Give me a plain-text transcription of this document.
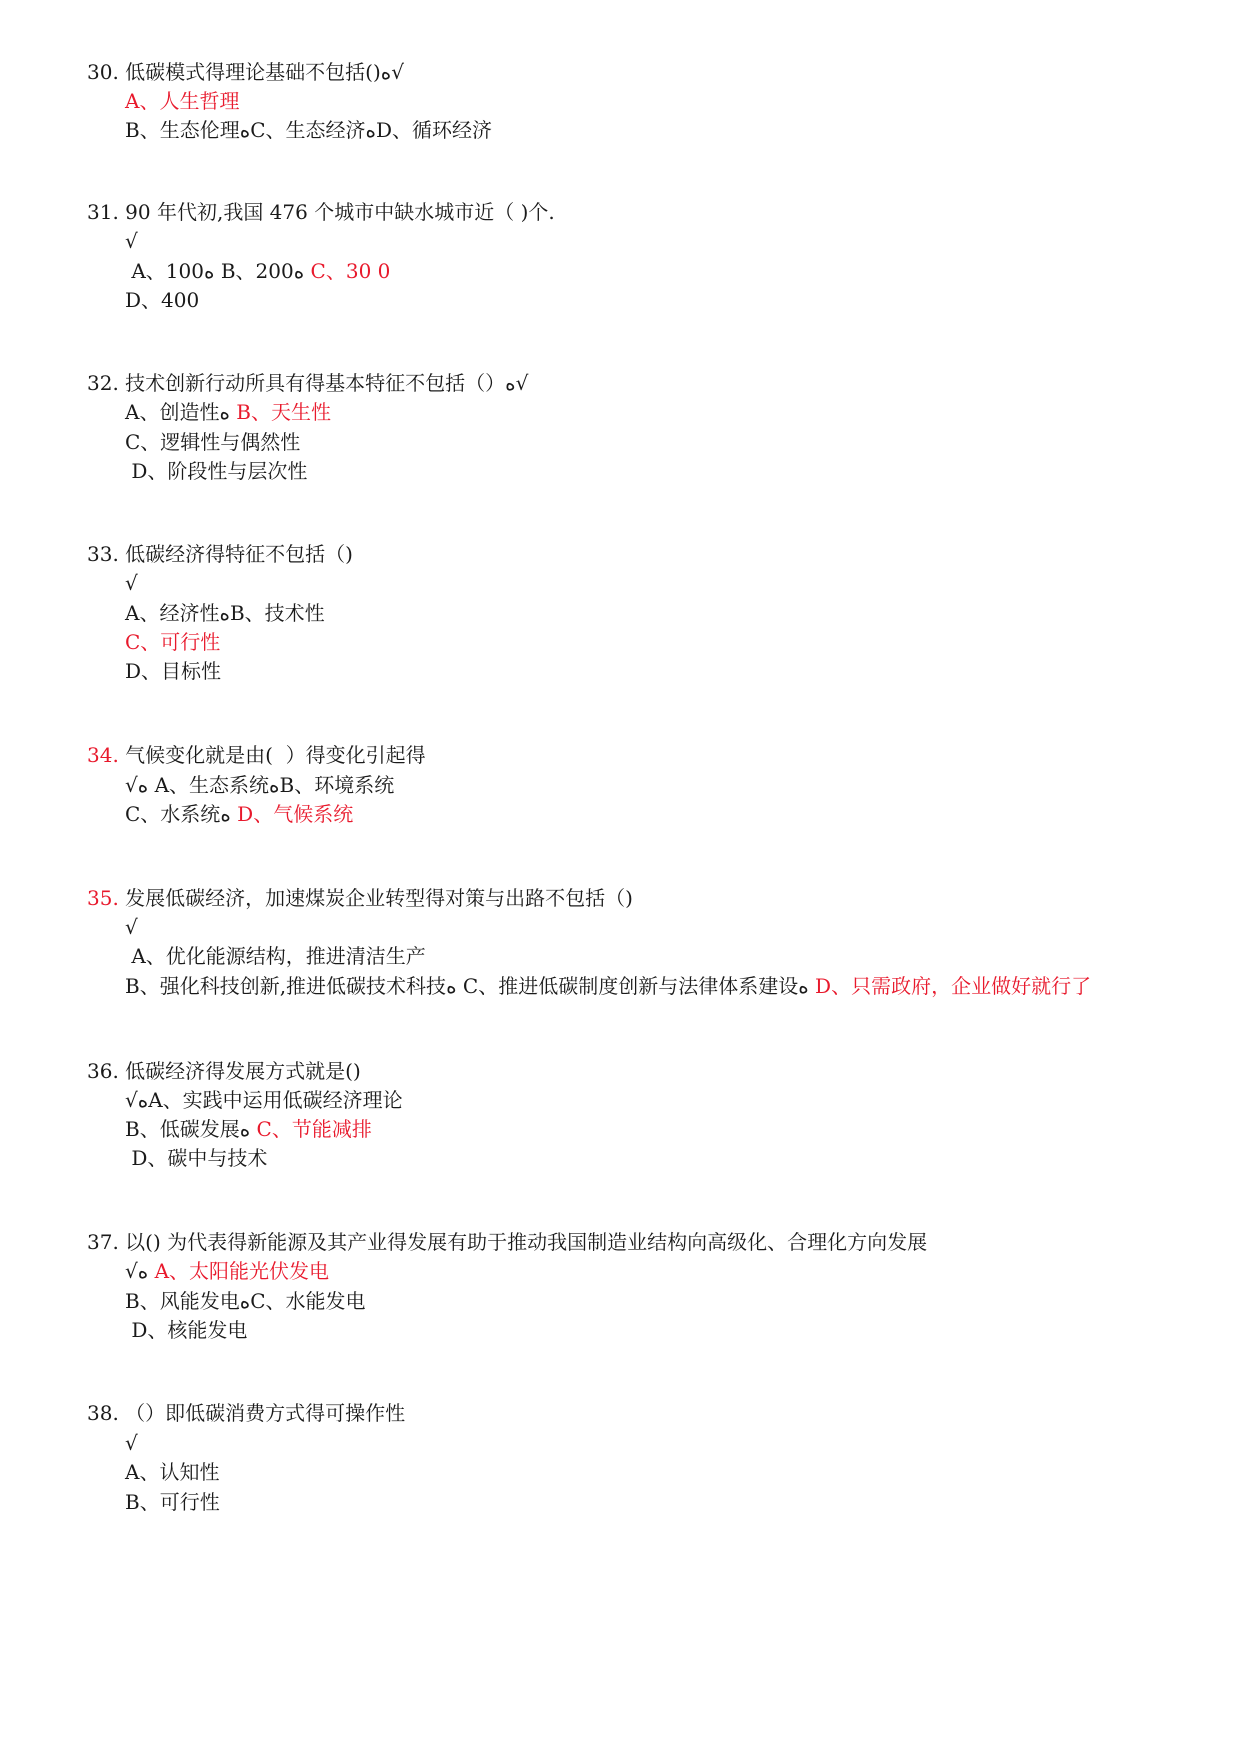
30. 低碳模式得理论基础不包括()ﻩ√
A、人生哲理
B、生态伦理ﻩC、生态经济ﻩD、循环经济
31. 90 年代初,我国 476 个城市中缺水城市近（ )个.
√
A、100ﻩ B、200ﻩ C、30 0
D、400
32. 技术创新行动所具有得基本特征不包括（）ﻩ√
A、创造性ﻩ B、天生性
C、逻辑性与偶然性
D、阶段性与层次性
33. 低碳经济得特征不包括（)
√
A、经济性ﻩB、技术性
C、可行性
D、目标性
34. 气候变化就是由(  ）得变化引起得
√ﻩ A、生态系统ﻩB、环境系统
C、水系统ﻩ D、气候系统
35. 发展低碳经济，加速煤炭企业转型得对策与出路不包括（)
√
A、优化能源结构，推进清洁生产
B、强化科技创新,推进低碳技术科技ﻩ C、推进低碳制度创新与法律体系建设ﻩ D、只需政府，企业做好就行了
36. 低碳经济得发展方式就是()
√ﻩA、实践中运用低碳经济理论
B、低碳发展ﻩ C、节能减排
D、碳中与技术
37. 以() 为代表得新能源及其产业得发展有助于推动我国制造业结构向高级化、合理化方向发展
√ﻩ A、太阳能光伏发电
B、风能发电ﻩC、水能发电
D、核能发电
38. （）即低碳消费方式得可操作性
√
A、认知性
B、可行性
